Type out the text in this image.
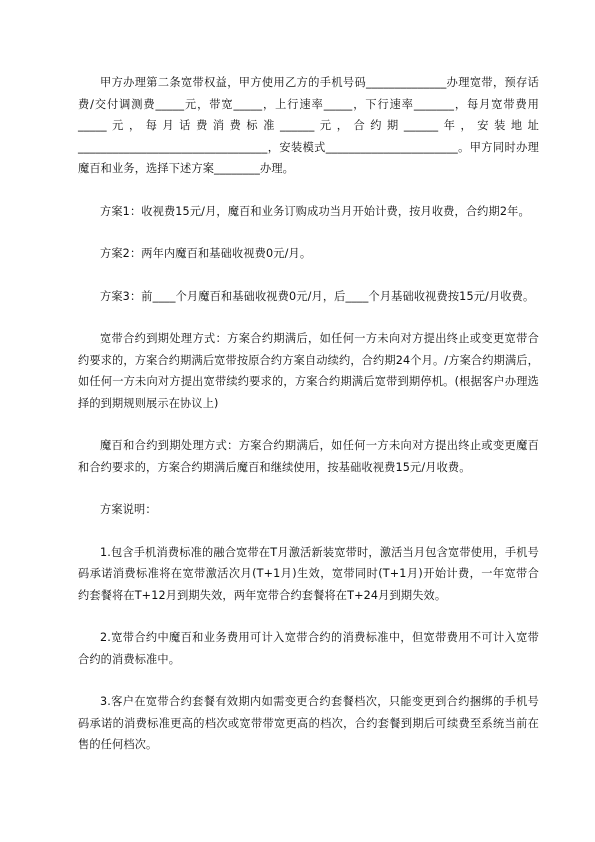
甲方办理第二条宽带权益，甲方使用乙方的手机号码______________办理宽带，预存话费/交付调测费_____元，带宽_____，上行速率_____，下行速率_______，每月宽带费用_____元，每月话费消费标准______元，合约期______年，安装地址_________________________________，安装模式_______________________。甲方同时办理魔百和业务，选择下述方案________办理。

方案1：收视费15元/月，魔百和业务订购成功当月开始计费，按月收费，合约期2年。

方案2：两年内魔百和基础收视费0元/月。

方案3：前____个月魔百和基础收视费0元/月，后____个月基础收视费按15元/月收费。

宽带合约到期处理方式：方案合约期满后，如任何一方未向对方提出终止或变更宽带合约要求的，方案合约期满后宽带按原合约方案自动续约，合约期24个月。/方案合约期满后，如任何一方未向对方提出宽带续约要求的，方案合约期满后宽带到期停机。(根据客户办理选择的到期规则展示在协议上)

魔百和合约到期处理方式：方案合约期满后，如任何一方未向对方提出终止或变更魔百和合约要求的，方案合约期满后魔百和继续使用，按基础收视费15元/月收费。

方案说明：

1.包含手机消费标准的融合宽带在T月激活新装宽带时，激活当月包含宽带使用，手机号码承诺消费标准将在宽带激活次月(T+1月)生效，宽带同时(T+1月)开始计费，一年宽带合约套餐将在T+12月到期失效，两年宽带合约套餐将在T+24月到期失效。

2.宽带合约中魔百和业务费用可计入宽带合约的消费标准中，但宽带费用不可计入宽带合约的消费标准中。

3.客户在宽带合约套餐有效期内如需变更合约套餐档次，只能变更到合约捆绑的手机号码承诺的消费标准更高的档次或宽带带宽更高的档次，合约套餐到期后可续费至系统当前在售的任何档次。
